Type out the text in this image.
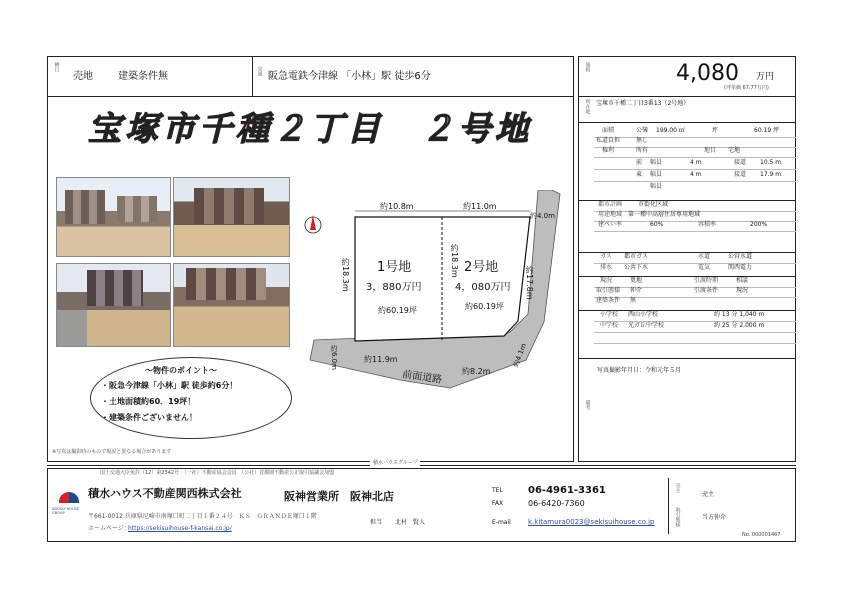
種目
売地	建築条件無	交通 阪急電鉄今津線 「小林」駅 徒歩6分
宝塚市千種２丁目　２号地
約10.8m	約11.0m
約4.0m
約18.3m	約18.3m
約17.8m
1号地
3，880万円
約60.19坪
2号地
4，080万円
約60.19坪
約6.0m	約11.9m
約8.2m
約4.1m
前面道路
～物件のポイント～
・阪急今津線「小林」駅 徒歩約6分！
・土地面積約60．19坪！
・建築条件ございません！
※写真は撮影時のもので現況と異なる場合があります
価格	4,080 万円
(坪単価 67.77万円)
所在地 宝塚市千種二丁目3番13（2号地）
面積	公簿 199.00 ㎡	坪	60.19 坪
私道負担	無し
権利	所有	地目 宅地
前 幅員	4 m	接道 10.5 m
東 幅員	4 m	接道 17.9 m
幅員
都市計画	市街化区域
用途地域 第一種中高層住居専用地域
建ぺい率	60%	容積率	200%
ガス 都市ガス	水道	公営水道
排水 公共下水	電気	関西電力
現況	更地	引渡時期	相談
取引態様 仲介	引渡条件	現況
建築条件 無
小学校 西山小学校	約 13 分 1,040 m
中学校 光ガ丘中学校	約 25 分 2,000 m
備考
写真撮影年月日：令和元年５月
積水ハウスグループ
国土交通大臣免許（12）第2342号　（一社）不動産協会会員　（公社）首都圏不動産公正取引協議会加盟
SEKISUI HOUSE GROUP
積水ハウス不動産関西株式会社	阪神営業所　阪神北店
〒661-0012 兵庫県尼崎市南塚口町二丁目１番２４号　ＫＳ　ＧＲＡＮＤＥ塚口１階
ホームページ：
https://sekisuihouse-f-kansai.co.jp/
担当 北村　賢人
TEL	06-4961-3361
FAX	06-6420-7360
E-mail k.kitamura0023@sekisuihouse.co.jp
売主
売主
取引態様	当方仲介
No. 000001467
